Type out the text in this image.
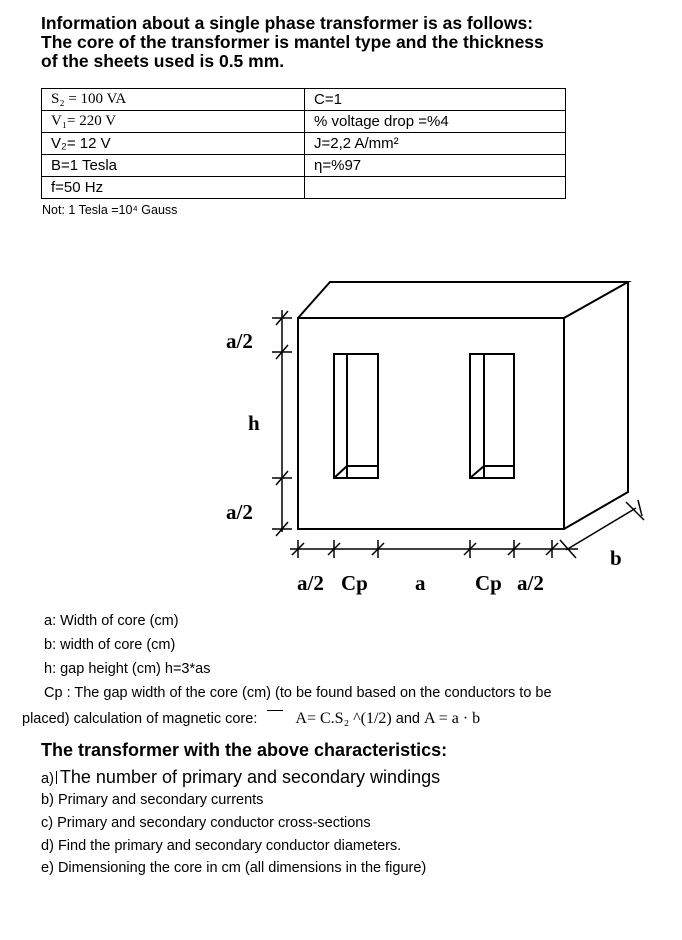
Information about a single phase transformer is as follows:
The core of the transformer is mantel type and the thickness
of the sheets used is 0.5 mm.
S₂ = 100 VA	C=1
V₁= 220 V	% voltage drop =%4
V₂= 12 V	J=2,2 A/mm²
B=1 Tesla	η=%97
f=50 Hz	
Not: 1 Tesla =10⁴ Gauss
a/2
h
a/2
a/2 Cp a Cp a/2
b
a: Width of core (cm)
b: width of core (cm)
h: gap height (cm) h=3*as
Cp : The gap width of the core (cm) (to be found based on the conductors to be
placed) calculation of magnetic core: A= C.S₂ ^(1/2) and A = a · b
The transformer with the above characteristics:
a) The number of primary and secondary windings
b) Primary and secondary currents
c) Primary and secondary conductor cross-sections
d) Find the primary and secondary conductor diameters.
e) Dimensioning the core in cm (all dimensions in the figure)
